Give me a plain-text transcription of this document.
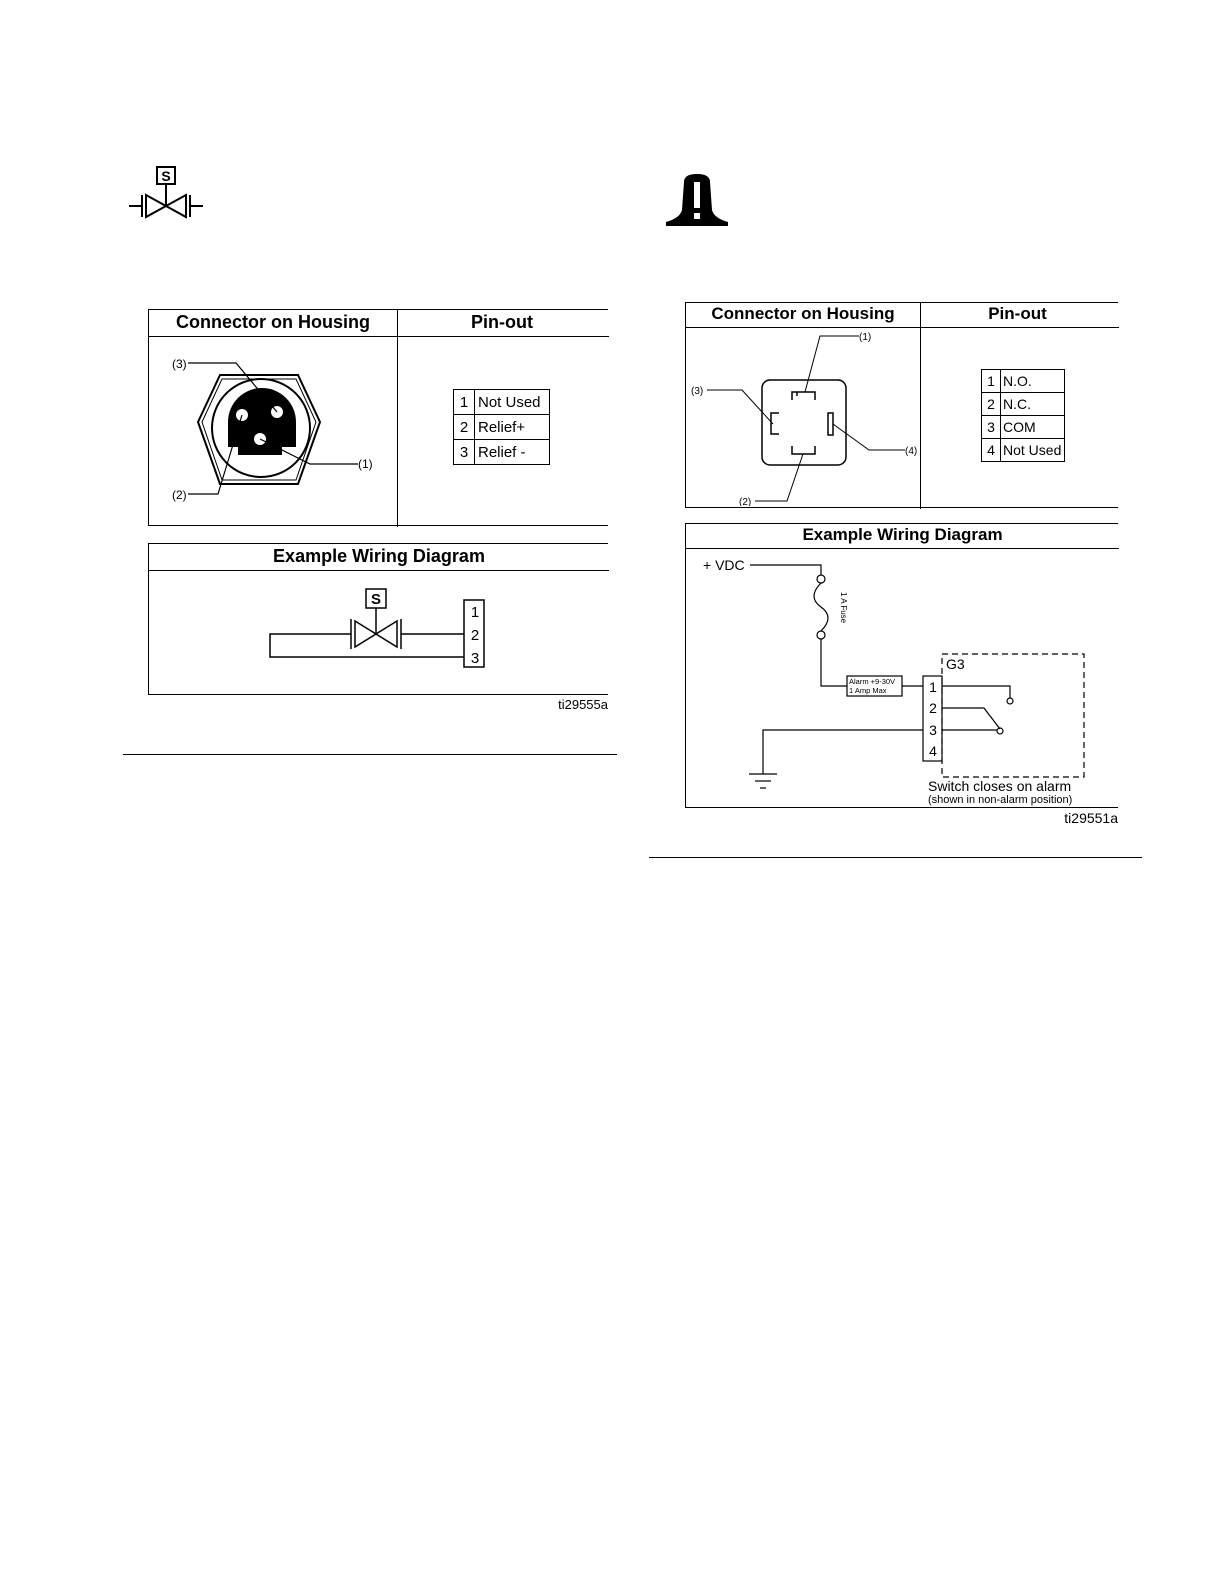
S
Connector on Housing	Pin-out
(3)
(2)
(1)
1	Not Used
2	Relief+
3	Relief -
Example Wiring Diagram
S
1
2
3
ti29555a
Connector on Housing	Pin-out
(1)
(3)
(4)
(2)
1	N.O.
2	N.C.
3	COM
4	Not Used
Example Wiring Diagram
+ VDC
1 A Fuse
Alarm +9-30V
1 Amp Max	1
2
3
4
G3
Switch closes on alarm
(shown in non-alarm position)
ti29551a
